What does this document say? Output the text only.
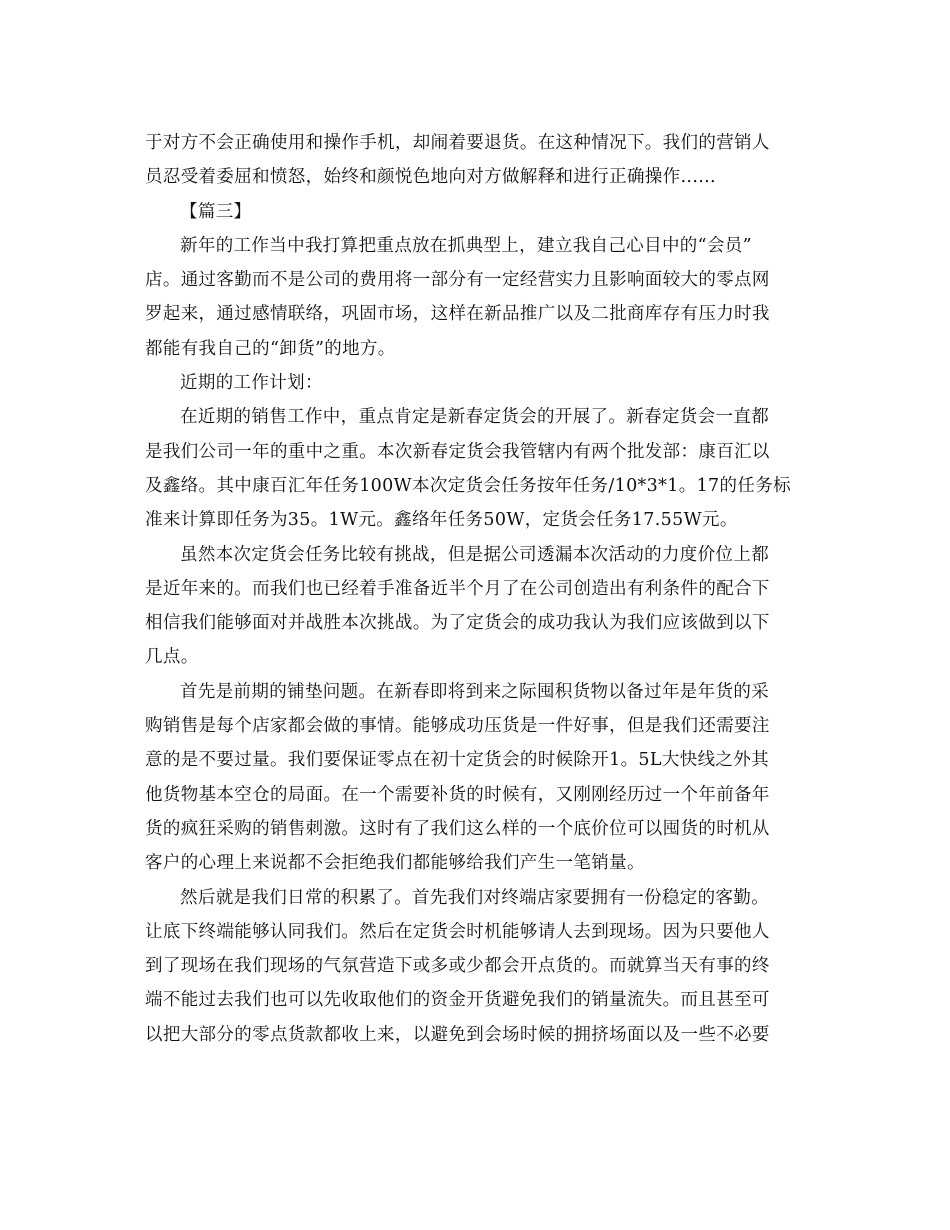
于对方不会正确使用和操作手机，却闹着要退货。在这种情况下。我们的营销人
员忍受着委屈和愤怒，始终和颜悦色地向对方做解释和进行正确操作......
【篇三】
新年的工作当中我打算把重点放在抓典型上，建立我自己心目中的“会员”
店。通过客勤而不是公司的费用将一部分有一定经营实力且影响面较大的零点网
罗起来，通过感情联络，巩固市场，这样在新品推广以及二批商库存有压力时我
都能有我自己的“卸货”的地方。
近期的工作计划：
在近期的销售工作中，重点肯定是新春定货会的开展了。新春定货会一直都
是我们公司一年的重中之重。本次新春定货会我管辖内有两个批发部：康百汇以
及鑫络。其中康百汇年任务100W本次定货会任务按年任务/10*3*1。17的任务标
准来计算即任务为35。1W元。鑫络年任务50W，定货会任务17.55W元。
虽然本次定货会任务比较有挑战，但是据公司透漏本次活动的力度价位上都
是近年来的。而我们也已经着手准备近半个月了在公司创造出有利条件的配合下
相信我们能够面对并战胜本次挑战。为了定货会的成功我认为我们应该做到以下
几点。
首先是前期的铺垫问题。在新春即将到来之际囤积货物以备过年是年货的采
购销售是每个店家都会做的事情。能够成功压货是一件好事，但是我们还需要注
意的是不要过量。我们要保证零点在初十定货会的时候除开1。5L大快线之外其
他货物基本空仓的局面。在一个需要补货的时候有，又刚刚经历过一个年前备年
货的疯狂采购的销售刺激。这时有了我们这么样的一个底价位可以囤货的时机从
客户的心理上来说都不会拒绝我们都能够给我们产生一笔销量。
然后就是我们日常的积累了。首先我们对终端店家要拥有一份稳定的客勤。
让底下终端能够认同我们。然后在定货会时机能够请人去到现场。因为只要他人
到了现场在我们现场的气氛营造下或多或少都会开点货的。而就算当天有事的终
端不能过去我们也可以先收取他们的资金开货避免我们的销量流失。而且甚至可
以把大部分的零点货款都收上来，以避免到会场时候的拥挤场面以及一些不必要
